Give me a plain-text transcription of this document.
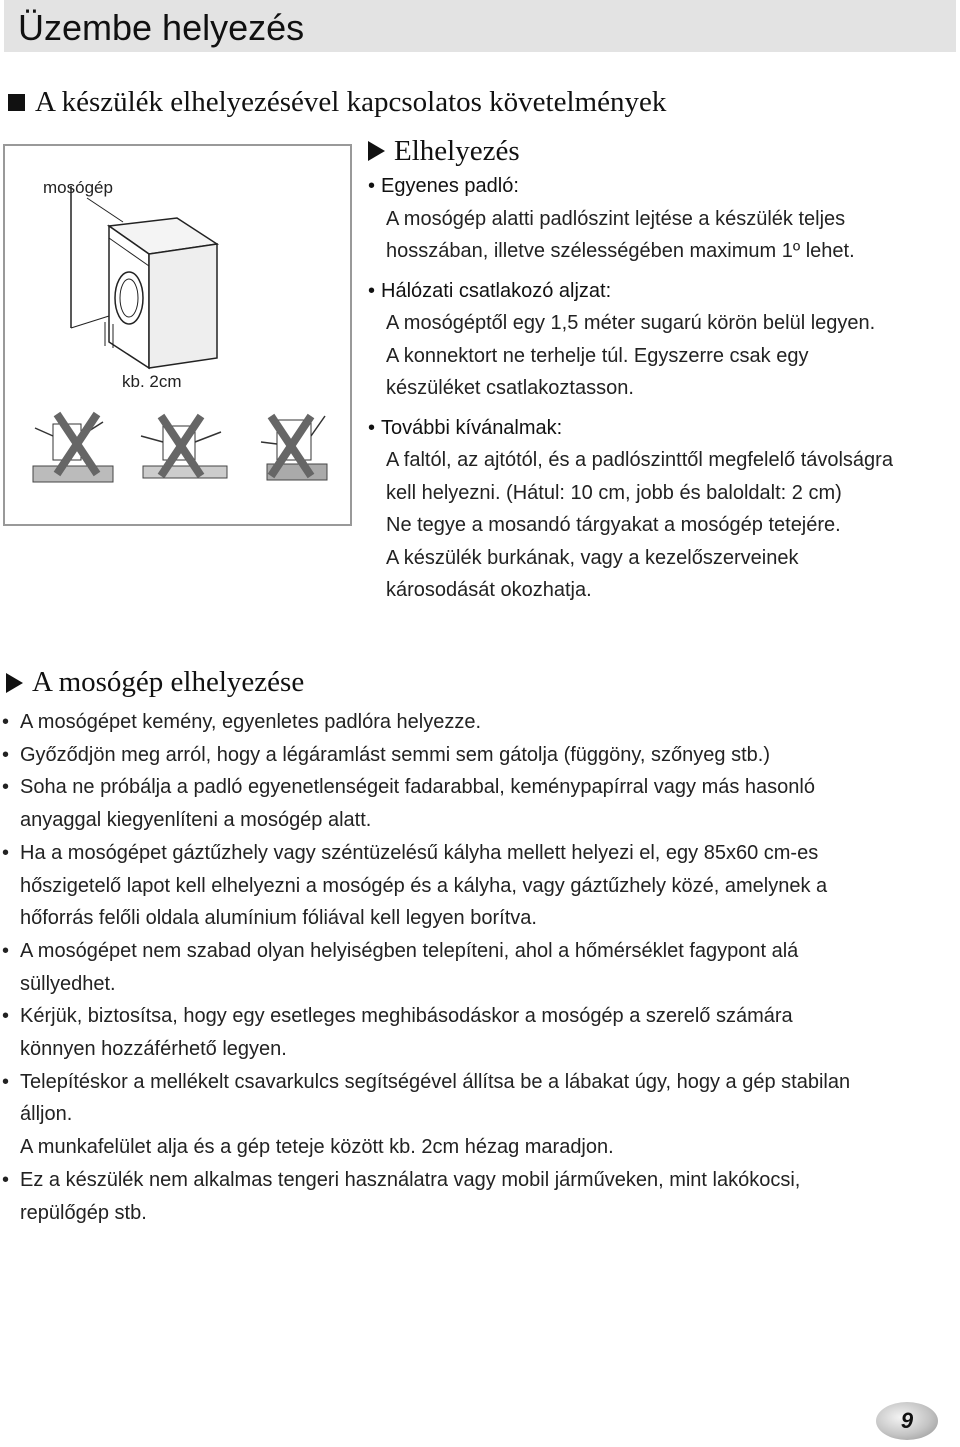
Üzembe helyezés
A készülék elhelyezésével kapcsolatos követelmények
mosógép
kb. 2cm
Elhelyezés
• Egyenes padló:
A mosógép alatti padlószint lejtése a készülék teljes
hosszában, illetve szélességében maximum 1º lehet.
• Hálózati csatlakozó aljzat:
A mosógéptől egy 1,5 méter sugarú körön belül legyen.
A konnektort ne terhelje túl. Egyszerre csak egy
készüléket csatlakoztasson.
• További kívánalmak:
A faltól, az ajtótól, és a padlószinttől megfelelő távolságra
kell helyezni. (Hátul: 10 cm, jobb és baloldalt: 2 cm)
Ne tegye a mosandó tárgyakat a mosógép tetejére.
A készülék burkának, vagy a kezelőszerveinek
károsodását okozhatja.
A mosógép elhelyezése
• A mosógépet kemény, egyenletes padlóra helyezze.
• Győződjön meg arról, hogy a légáramlást semmi sem gátolja (függöny, szőnyeg stb.)
• Soha ne próbálja a padló egyenetlenségeit fadarabbal, keménypapírral vagy más hasonló
anyaggal kiegyenlíteni a mosógép alatt.
• Ha a mosógépet gáztűzhely vagy széntüzelésű kályha mellett helyezi el, egy 85x60 cm-es
hőszigetelő lapot kell elhelyezni a mosógép és a kályha, vagy gáztűzhely közé, amelynek a
hőforrás felőli oldala alumínium fóliával kell legyen borítva.
• A mosógépet nem szabad olyan helyiségben telepíteni, ahol a hőmérséklet fagypont alá
süllyedhet.
• Kérjük, biztosítsa, hogy egy esetleges meghibásodáskor a mosógép a szerelő számára
könnyen hozzáférhető legyen.
• Telepítéskor a mellékelt csavarkulcs segítségével állítsa be a lábakat úgy, hogy a gép stabilan
álljon.
A munkafelület alja és a gép teteje között kb. 2cm hézag maradjon.
• Ez a készülék nem alkalmas tengeri használatra vagy mobil járműveken, mint lakókocsi,
repülőgép stb.
9
